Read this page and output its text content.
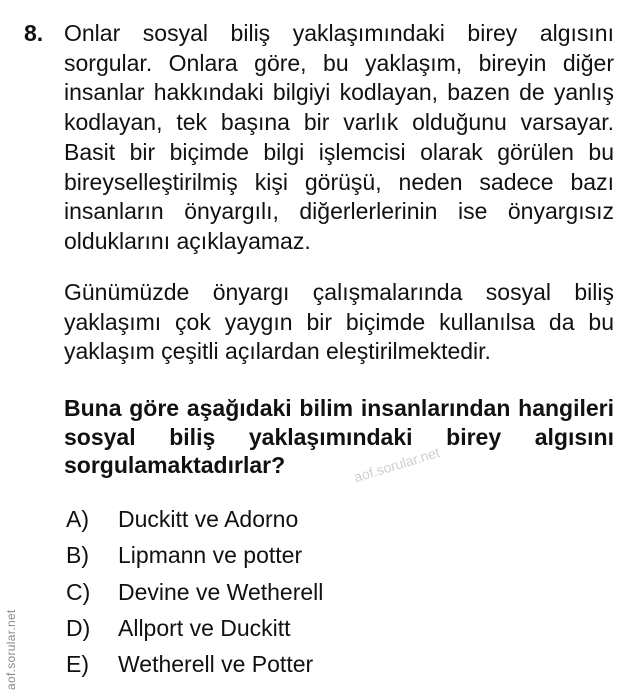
8. Onlar sosyal biliş yaklaşımındaki birey algısını sorgular. Onlara göre, bu yaklaşım, bireyin diğer insanlar hakkındaki bilgiyi kodlayan, bazen de yanlış kodlayan, tek başına bir varlık olduğunu varsayar. Basit bir biçimde bilgi işlemcisi olarak görülen bu bireyselleştirilmiş kişi görüşü, neden sadece bazı insanların önyargılı, diğerlerlerinin ise önyargısız olduklarını açıklayamaz.

Günümüzde önyargı çalışmalarında sosyal biliş yaklaşımı çok yaygın bir biçimde kullanılsa da bu yaklaşım çeşitli açılardan eleştirilmektedir.

Buna göre aşağıdaki bilim insanlarından hangileri sosyal biliş yaklaşımındaki birey algısını sorgulamaktadırlar?

A) Duckitt ve Adorno
B) Lipmann ve potter
C) Devine ve Wetherell
D) Allport ve Duckitt
E) Wetherell ve Potter
aof.sorular.net
aof.sorular.net
